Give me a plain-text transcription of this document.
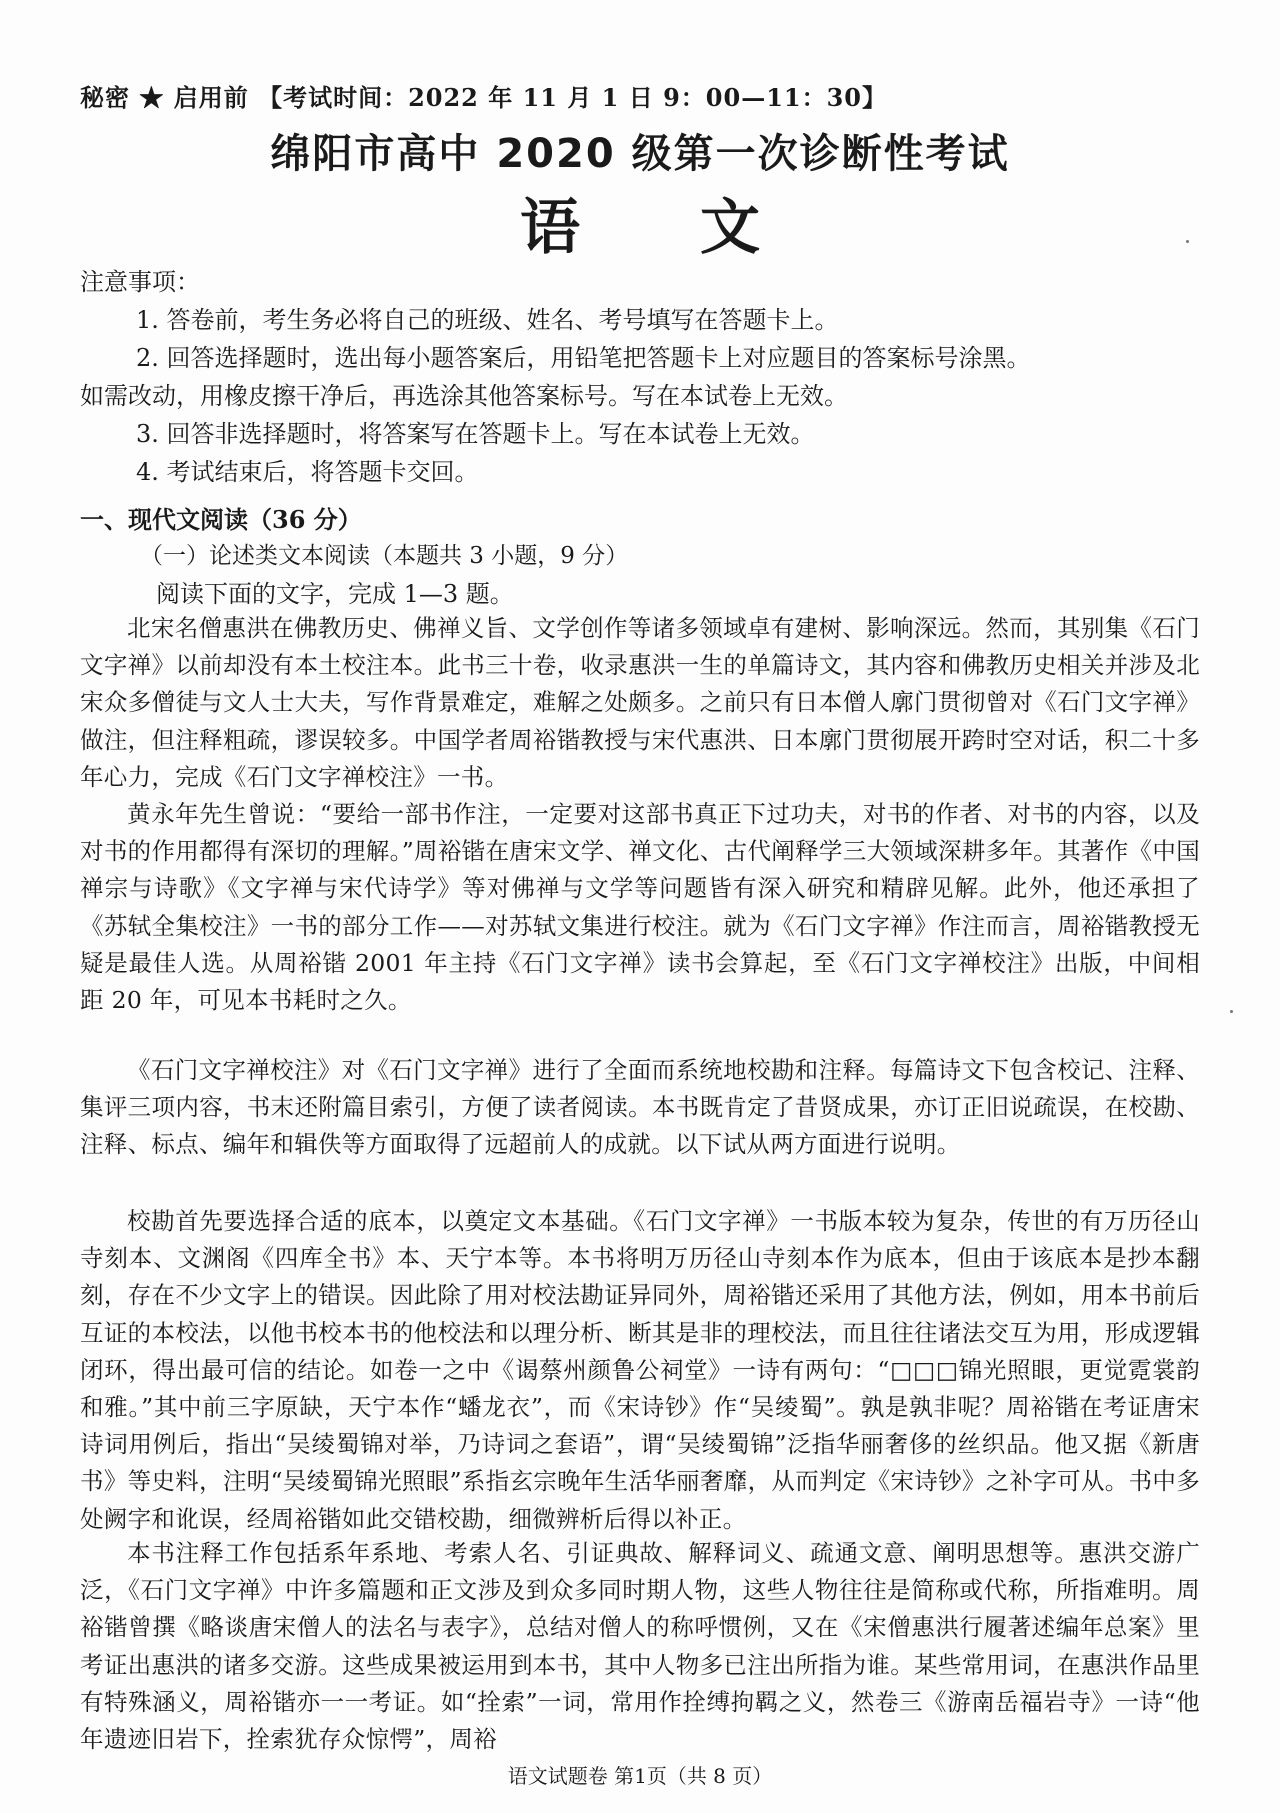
秘密 ★ 启用前 【考试时间：2022 年 11 月 1 日 9：00—11：30】
绵阳市高中 2020 级第一次诊断性考试
语 文
注意事项：
1. 答卷前，考生务必将自己的班级、姓名、考号填写在答题卡上。
2. 回答选择题时，选出每小题答案后，用铅笔把答题卡上对应题目的答案标号涂黑。
如需改动，用橡皮擦干净后，再选涂其他答案标号。写在本试卷上无效。
3. 回答非选择题时，将答案写在答题卡上。写在本试卷上无效。
4. 考试结束后，将答题卡交回。
一、现代文阅读（36 分）
（一）论述类文本阅读（本题共 3 小题，9 分）
阅读下面的文字，完成 1—3 题。
北宋名僧惠洪在佛教历史、佛禅义旨、文学创作等诸多领域卓有建树、影响深远。然而，其别集《石门文字禅》以前却没有本土校注本。此书三十卷，收录惠洪一生的单篇诗文，其内容和佛教历史相关并涉及北宋众多僧徒与文人士大夫，写作背景难定，难解之处颇多。之前只有日本僧人廓门贯彻曾对《石门文字禅》做注，但注释粗疏，谬误较多。中国学者周裕锴教授与宋代惠洪、日本廓门贯彻展开跨时空对话，积二十多年心力，完成《石门文字禅校注》一书。
黄永年先生曾说：“要给一部书作注，一定要对这部书真正下过功夫，对书的作者、对书的内容，以及对书的作用都得有深切的理解。”周裕锴在唐宋文学、禅文化、古代阐释学三大领域深耕多年。其著作《中国禅宗与诗歌》《文字禅与宋代诗学》等对佛禅与文学等问题皆有深入研究和精辟见解。此外，他还承担了《苏轼全集校注》一书的部分工作——对苏轼文集进行校注。就为《石门文字禅》作注而言，周裕锴教授无疑是最佳人选。从周裕锴 2001 年主持《石门文字禅》读书会算起，至《石门文字禅校注》出版，中间相距 20 年，可见本书耗时之久。
《石门文字禅校注》对《石门文字禅》进行了全面而系统地校勘和注释。每篇诗文下包含校记、注释、集评三项内容，书末还附篇目索引，方便了读者阅读。本书既肯定了昔贤成果，亦订正旧说疏误，在校勘、注释、标点、编年和辑佚等方面取得了远超前人的成就。以下试从两方面进行说明。
校勘首先要选择合适的底本，以奠定文本基础。《石门文字禅》一书版本较为复杂，传世的有万历径山寺刻本、文渊阁《四库全书》本、天宁本等。本书将明万历径山寺刻本作为底本，但由于该底本是抄本翻刻，存在不少文字上的错误。因此除了用对校法勘证异同外，周裕锴还采用了其他方法，例如，用本书前后互证的本校法，以他书校本书的他校法和以理分析、断其是非的理校法，而且往往诸法交互为用，形成逻辑闭环，得出最可信的结论。如卷一之中《谒蔡州颜鲁公祠堂》一诗有两句：“□□□锦光照眼，更觉霓裳韵和雅。”其中前三字原缺，天宁本作“蟠龙衣”，而《宋诗钞》作“吴绫蜀”。孰是孰非呢？周裕锴在考证唐宋诗词用例后，指出“吴绫蜀锦对举，乃诗词之套语”，谓“吴绫蜀锦”泛指华丽奢侈的丝织品。他又据《新唐书》等史料，注明“吴绫蜀锦光照眼”系指玄宗晚年生活华丽奢靡，从而判定《宋诗钞》之补字可从。书中多处阙字和讹误，经周裕锴如此交错校勘，细微辨析后得以补正。
本书注释工作包括系年系地、考索人名、引证典故、解释词义、疏通文意、阐明思想等。惠洪交游广泛，《石门文字禅》中许多篇题和正文涉及到众多同时期人物，这些人物往往是简称或代称，所指难明。周裕锴曾撰《略谈唐宋僧人的法名与表字》，总结对僧人的称呼惯例，又在《宋僧惠洪行履著述编年总案》里考证出惠洪的诸多交游。这些成果被运用到本书，其中人物多已注出所指为谁。某些常用词，在惠洪作品里有特殊涵义，周裕锴亦一一考证。如“拴索”一词，常用作拴缚拘羁之义，然卷三《游南岳福岩寺》一诗“他年遗迹旧岩下，拴索犹存众惊愕”，周裕
语文试题卷 第1页（共 8 页）
